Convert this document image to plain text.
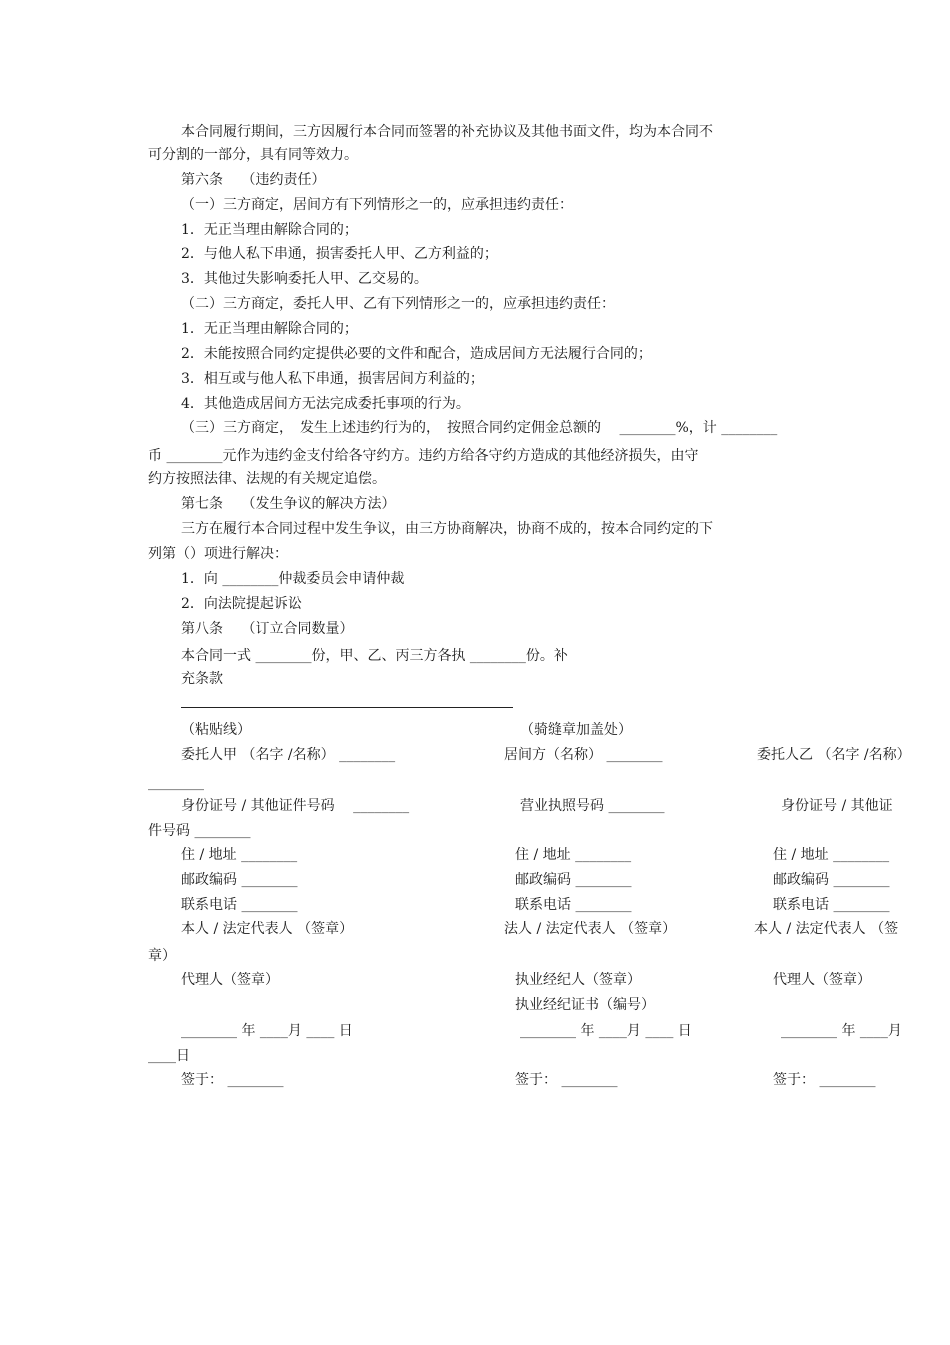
本合同履行期间，三方因履行本合同而签署的补充协议及其他书面文件，均为本合同不
可分割的一部分，具有同等效力。
第六条　 （违约责任）
（一）三方商定，居间方有下列情形之一的，应承担违约责任：
1．无正当理由解除合同的；
2．与他人私下串通，损害委托人甲、乙方利益的；
3．其他过失影响委托人甲、乙交易的。
（二）三方商定，委托人甲、乙有下列情形之一的，应承担违约责任：
1．无正当理由解除合同的；
2．未能按照合同约定提供必要的文件和配合，造成居间方无法履行合同的；
3．相互或与他人私下串通，损害居间方利益的；
4．其他造成居间方无法完成委托事项的行为。
（三）三方商定，　发生上述违约行为的，　按照合同约定佣金总额的　 ________%，计 ________
币 ________元作为违约金支付给各守约方。违约方给各守约方造成的其他经济损失，由守
约方按照法律、法规的有关规定追偿。
第七条　 （发生争议的解决方法）
三方在履行本合同过程中发生争议，由三方协商解决，协商不成的，按本合同约定的下
列第（）项进行解决：
1．向 ________仲裁委员会申请仲裁
2．向法院提起诉讼
第八条　 （订立合同数量）
本合同一式 ________份，甲、乙、丙三方各执 ________份。补
充条款
（粘贴线）	（骑缝章加盖处）
委托人甲 （名字 /名称） ________	居间方（名称） ________	委托人乙 （名字 /名称）
________
身份证号 / 其他证件号码　 ________	营业执照号码 ________	身份证号 / 其他证
件号码 ________
住 / 地址 ________	住 / 地址 ________	住 / 地址 ________
邮政编码 ________	邮政编码 ________	邮政编码 ________
联系电话 ________	联系电话 ________	联系电话 ________
本人 / 法定代表人 （签章）	法人 / 法定代表人 （签章）	本人 / 法定代表人 （签
章）
代理人（签章）	执业经纪人（签章）	代理人（签章）
执业经纪证书（编号）
________ 年 ____月 ____ 日	________ 年 ____月 ____ 日	________ 年 ____月
____日
签于： ________	签于： ________	签于： ________
